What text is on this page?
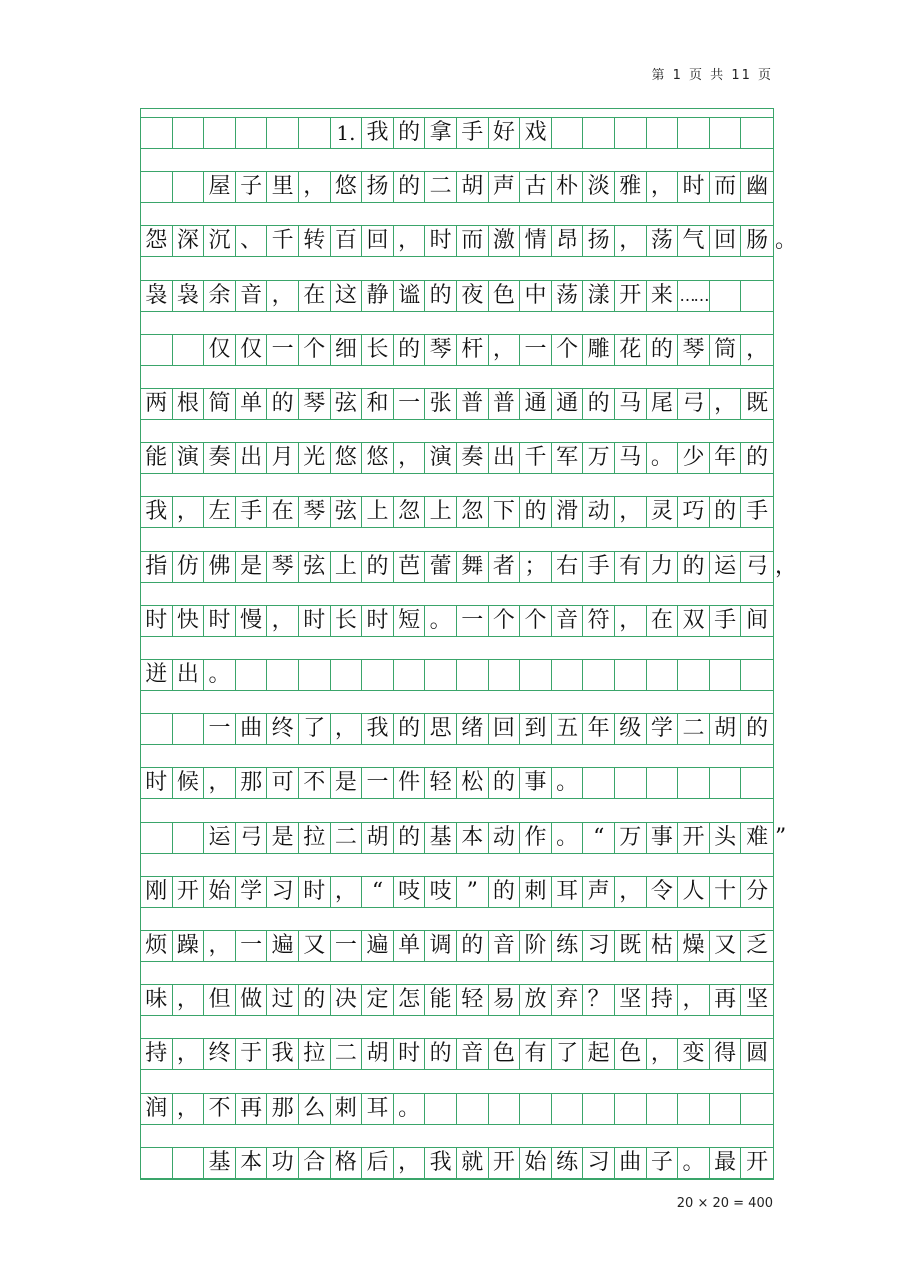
第 1 页 共 11 页
1. 我 的 拿 手 好 戏
屋 子 里 ， 悠 扬 的 二 胡 声 古 朴 淡 雅 ， 时 而 幽
怨 深 沉 、 千 转 百 回 ， 时 而 激 情 昂 扬 ， 荡 气 回 肠 。
袅 袅 余 音 ， 在 这 静 谧 的 夜 色 中 荡 漾 开 来 ……
仅 仅 一 个 细 长 的 琴 杆 ， 一 个 雕 花 的 琴 筒 ，
两 根 简 单 的 琴 弦 和 一 张 普 普 通 通 的 马 尾 弓 ， 既
能 演 奏 出 月 光 悠 悠 ， 演 奏 出 千 军 万 马 。 少 年 的
我 ， 左 手 在 琴 弦 上 忽 上 忽 下 的 滑 动 ， 灵 巧 的 手
指 仿 佛 是 琴 弦 上 的 芭 蕾 舞 者 ； 右 手 有 力 的 运 弓 ，
时 快 时 慢 ， 时 长 时 短 。 一 个 个 音 符 ， 在 双 手 间
迸 出 。
一 曲 终 了 ， 我 的 思 绪 回 到 五 年 级 学 二 胡 的
时 候 ， 那 可 不 是 一 件 轻 松 的 事 。
运 弓 是 拉 二 胡 的 基 本 动 作 。 “ 万 事 开 头 难 ”
刚 开 始 学 习 时 ， “ 吱 吱 ” 的 刺 耳 声 ， 令 人 十 分
烦 躁 ， 一 遍 又 一 遍 单 调 的 音 阶 练 习 既 枯 燥 又 乏
味 ， 但 做 过 的 决 定 怎 能 轻 易 放 弃 ？ 坚 持 ， 再 坚
持 ， 终 于 我 拉 二 胡 时 的 音 色 有 了 起 色 ， 变 得 圆
润 ， 不 再 那 么 刺 耳 。
基 本 功 合 格 后 ， 我 就 开 始 练 习 曲 子 。 最 开
20 × 20 = 400
